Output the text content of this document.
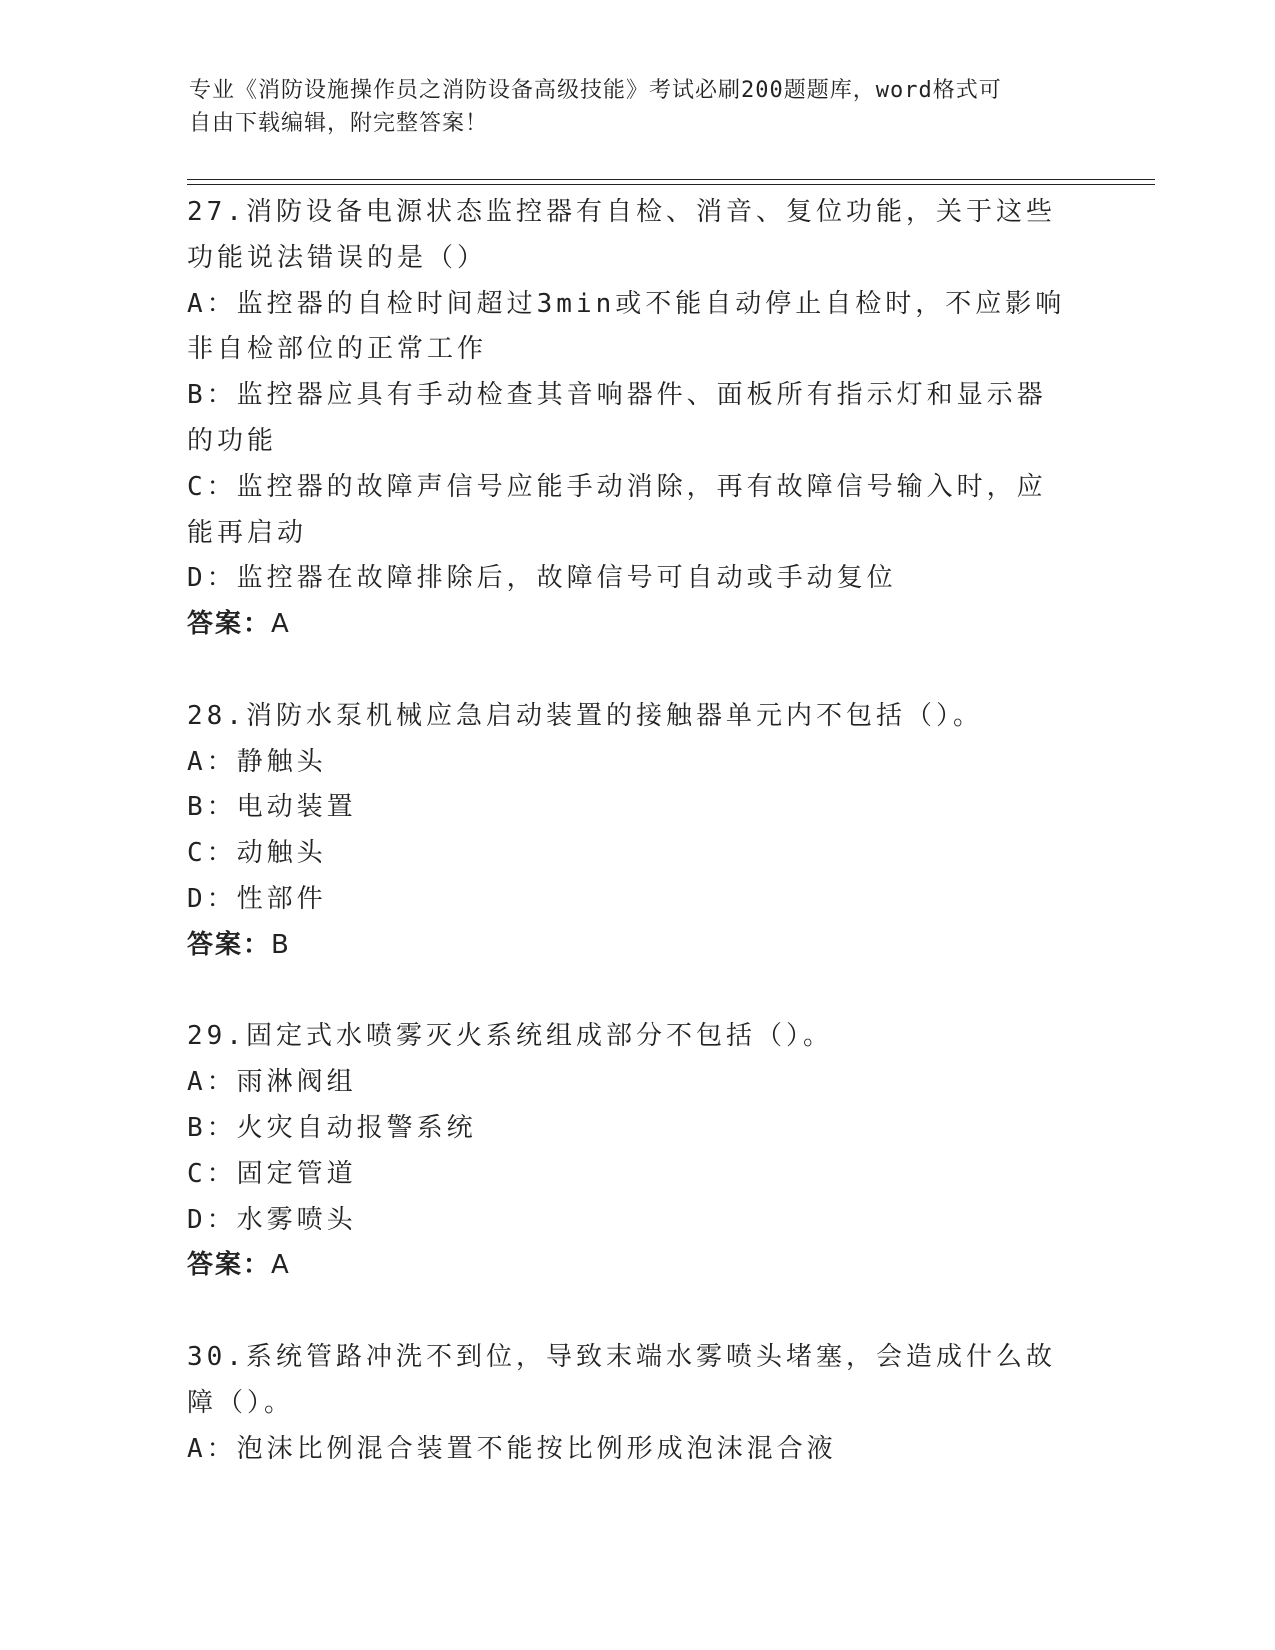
专业《消防设施操作员之消防设备高级技能》考试必刷200题题库，word格式可
自由下载编辑，附完整答案！
27.消防设备电源状态监控器有自检、消音、复位功能，关于这些功能说法错误的是（）
A：监控器的自检时间超过3min或不能自动停止自检时，不应影响非自检部位的正常工作
B：监控器应具有手动检查其音响器件、面板所有指示灯和显示器的功能
C：监控器的故障声信号应能手动消除，再有故障信号输入时，应能再启动
D：监控器在故障排除后，故障信号可自动或手动复位
答案：A
28.消防水泵机械应急启动装置的接触器单元内不包括（）。
A：静触头
B：电动装置
C：动触头
D：性部件
答案：B
29.固定式水喷雾灭火系统组成部分不包括（）。
A：雨淋阀组
B：火灾自动报警系统
C：固定管道
D：水雾喷头
答案：A
30.系统管路冲洗不到位，导致末端水雾喷头堵塞，会造成什么故障（）。
A：泡沫比例混合装置不能按比例形成泡沫混合液
